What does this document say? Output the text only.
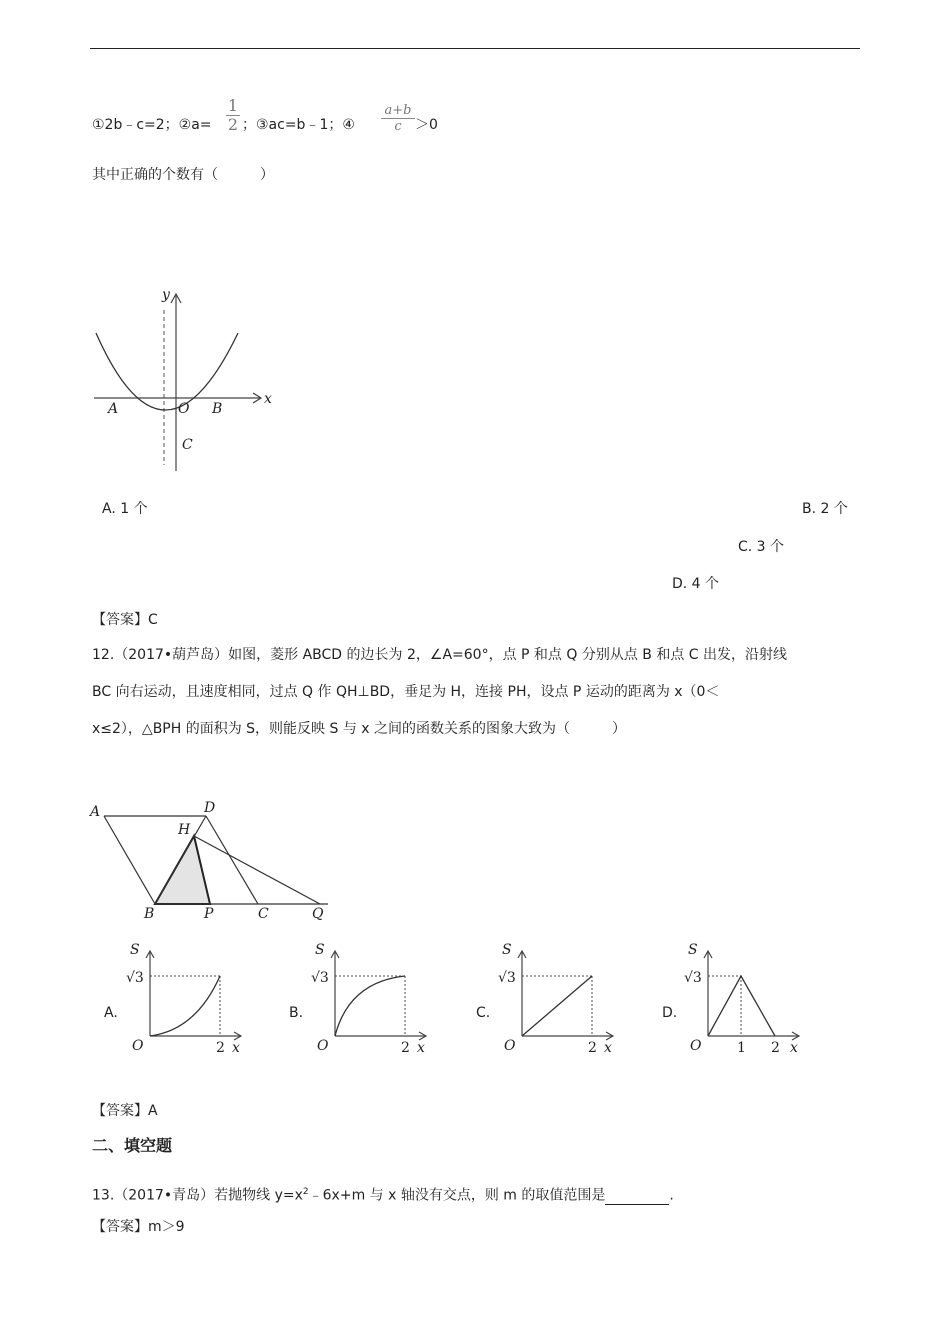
①2b﹣c=2；②a=
1
2 ；③ac=b﹣1；④
a+b
c ＞0
其中正确的个数有（　　　）
y
x
A	O B
C
A. 1 个	B. 2 个
C. 3 个
D. 4 个
【答案】C
12.（2017•葫芦岛）如图，菱形 ABCD 的边长为 2，∠A=60°，点 P 和点 Q 分别从点 B 和点 C 出发，沿射线
BC 向右运动，且速度相同，过点 Q 作 QH⊥BD，垂足为 H，连接 PH，设点 P 运动的距离为 x（0＜
x≤2），△BPH 的面积为 S，则能反映 S 与 x 之间的函数关系的图象大致为（　　　）
A	D
H
B	P	C	Q
A.
S
√3
O	2 x
B.
S
√3
O	2 x
C.
S
√3
O	2 x
D.
S
√3
O	1 2 x
【答案】A
二、填空题
13.（2017•青岛）若抛物线 $y=x^2﹣6x+m$ 与 x 轴没有交点，则 m 的取值范围是	.
【答案】m＞9
